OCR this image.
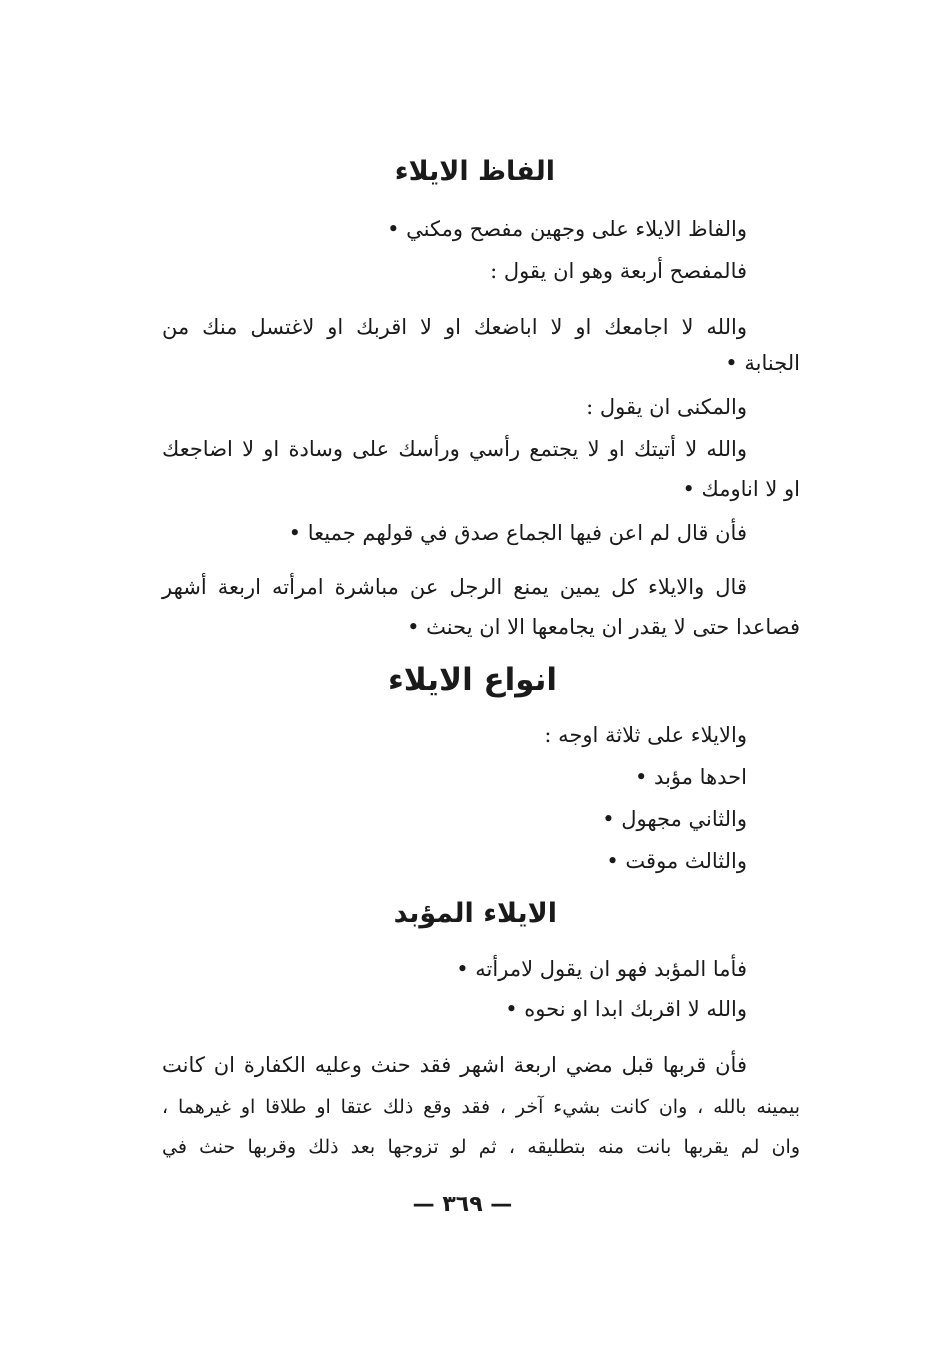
الفاظ الايلاء
والفاظ الايلاء على وجهين مفصح ومكني •
فالمفصح أربعة وهو ان يقول :
والله لا اجامعك او لا اباضعك او لا اقربك او لاغتسل منك من
الجنابة •
والمكنى ان يقول :
والله لا أتيتك او لا يجتمع رأسي ورأسك على وسادة او لا اضاجعك
او لا اناومك •
فأن قال لم اعن فيها الجماع صدق في قولهم جميعا •
قال والايلاء كل يمين يمنع الرجل عن مباشرة امرأته اربعة أشهر
فصاعدا حتى لا يقدر ان يجامعها الا ان يحنث •
انواع الايلاء
والايلاء على ثلاثة اوجه :
احدها مؤبد •
والثاني مجهول •
والثالث موقت •
الايلاء المؤبد
فأما المؤبد فهو ان يقول لامرأته •
والله لا اقربك ابدا او نحوه •
فأن قربها قبل مضي اربعة اشهر فقد حنث وعليه الكفارة ان كانت
بيمينه بالله ، وان كانت بشيء آخر ، فقد وقع ذلك عتقا او طلاقا او غيرهما ،
وان لم يقربها بانت منه بتطليقه ، ثم لو تزوجها بعد ذلك وقربها حنث في
— ٣٦٩ —
